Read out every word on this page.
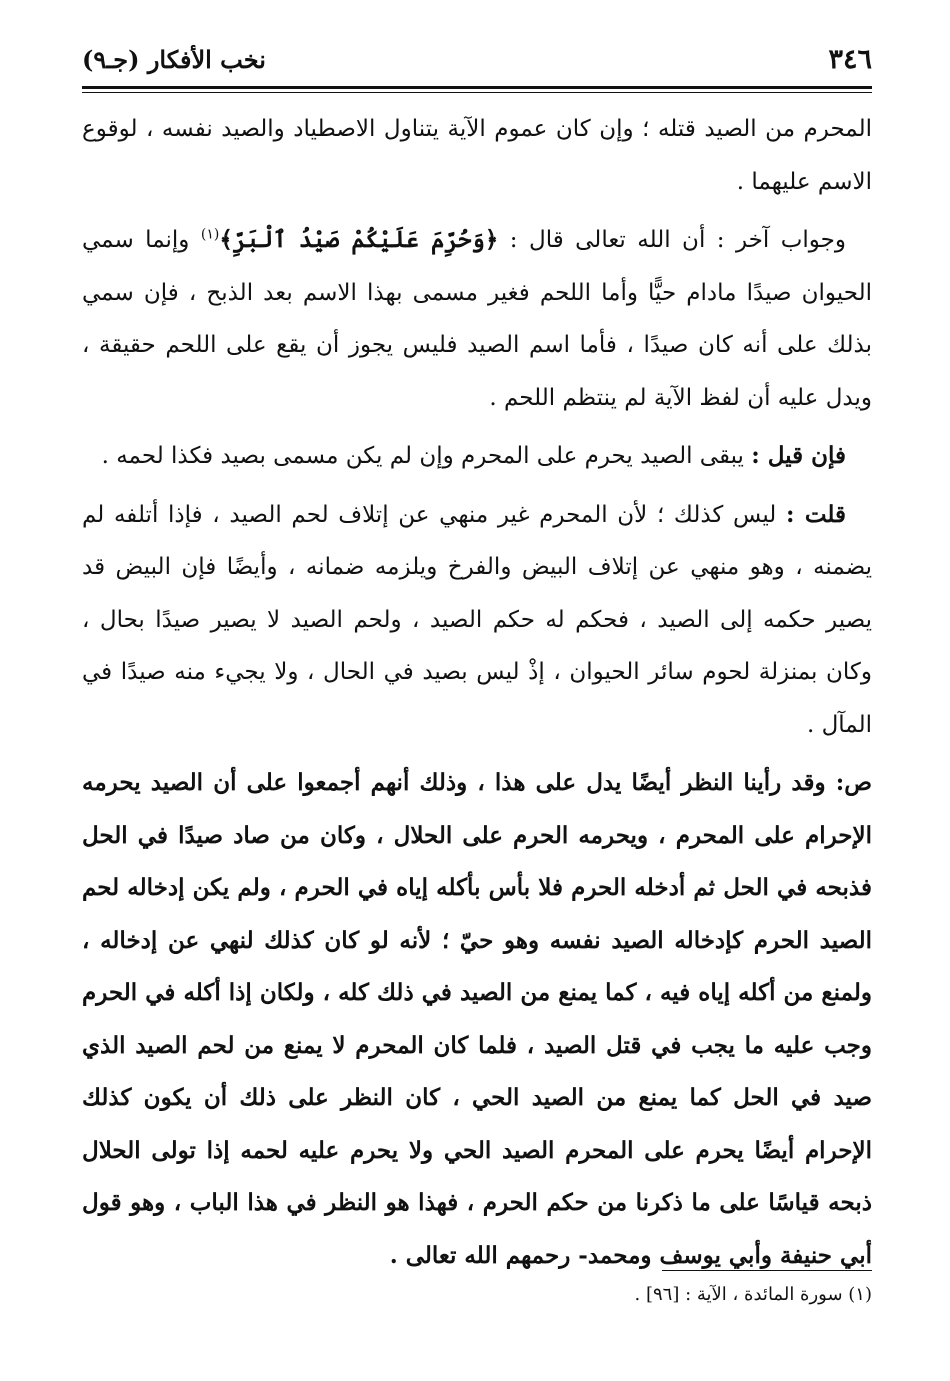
٣٤٦
نخب الأفكار (جـ٩)

المحرم من الصيد قتله ؛ وإن كان عموم الآية يتناول الاصطياد والصيد نفسه ، لوقوع الاسم عليهما .

وجواب آخر : أن الله تعالى قال : ﴿وَحُرِّمَ عَلَيْكُمْ صَيْدُ ٱلْبَرِّ﴾$^{(١)}$ وإنما سمي الحيوان صيدًا مادام حيًّا وأما اللحم فغير مسمى بهذا الاسم بعد الذبح ، فإن سمي بذلك على أنه كان صيدًا ، فأما اسم الصيد فليس يجوز أن يقع على اللحم حقيقة ، ويدل عليه أن لفظ الآية لم ينتظم اللحم .

فإن قيل : يبقى الصيد يحرم على المحرم وإن لم يكن مسمى بصيد فكذا لحمه .

قلت : ليس كذلك ؛ لأن المحرم غير منهي عن إتلاف لحم الصيد ، فإذا أتلفه لم يضمنه ، وهو منهي عن إتلاف البيض والفرخ ويلزمه ضمانه ، وأيضًا فإن البيض قد يصير حكمه إلى الصيد ، فحكم له حكم الصيد ، ولحم الصيد لا يصير صيدًا بحال ، وكان بمنزلة لحوم سائر الحيوان ، إذْ ليس بصيد في الحال ، ولا يجيء منه صيدًا في المآل .

ص: وقد رأينا النظر أيضًا يدل على هذا ، وذلك أنهم أجمعوا على أن الصيد يحرمه الإحرام على المحرم ، ويحرمه الحرم على الحلال ، وكان من صاد صيدًا في الحل فذبحه في الحل ثم أدخله الحرم فلا بأس بأكله إياه في الحرم ، ولم يكن إدخاله لحم الصيد الحرم كإدخاله الصيد نفسه وهو حيّ ؛ لأنه لو كان كذلك لنهي عن إدخاله ، ولمنع من أكله إياه فيه ، كما يمنع من الصيد في ذلك كله ، ولكان إذا أكله في الحرم وجب عليه ما يجب في قتل الصيد ، فلما كان المحرم لا يمنع من لحم الصيد الذي صيد في الحل كما يمنع من الصيد الحي ، كان النظر على ذلك أن يكون كذلك الإحرام أيضًا يحرم على المحرم الصيد الحي ولا يحرم عليه لحمه إذا تولى الحلال ذبحه قياسًا على ما ذكرنا من حكم الحرم ، فهذا هو النظر في هذا الباب ، وهو قول أبي حنيفة وأبي يوسف ومحمد- رحمهم الله تعالى .

(١) سورة المائدة ، الآية : [٩٦] .
